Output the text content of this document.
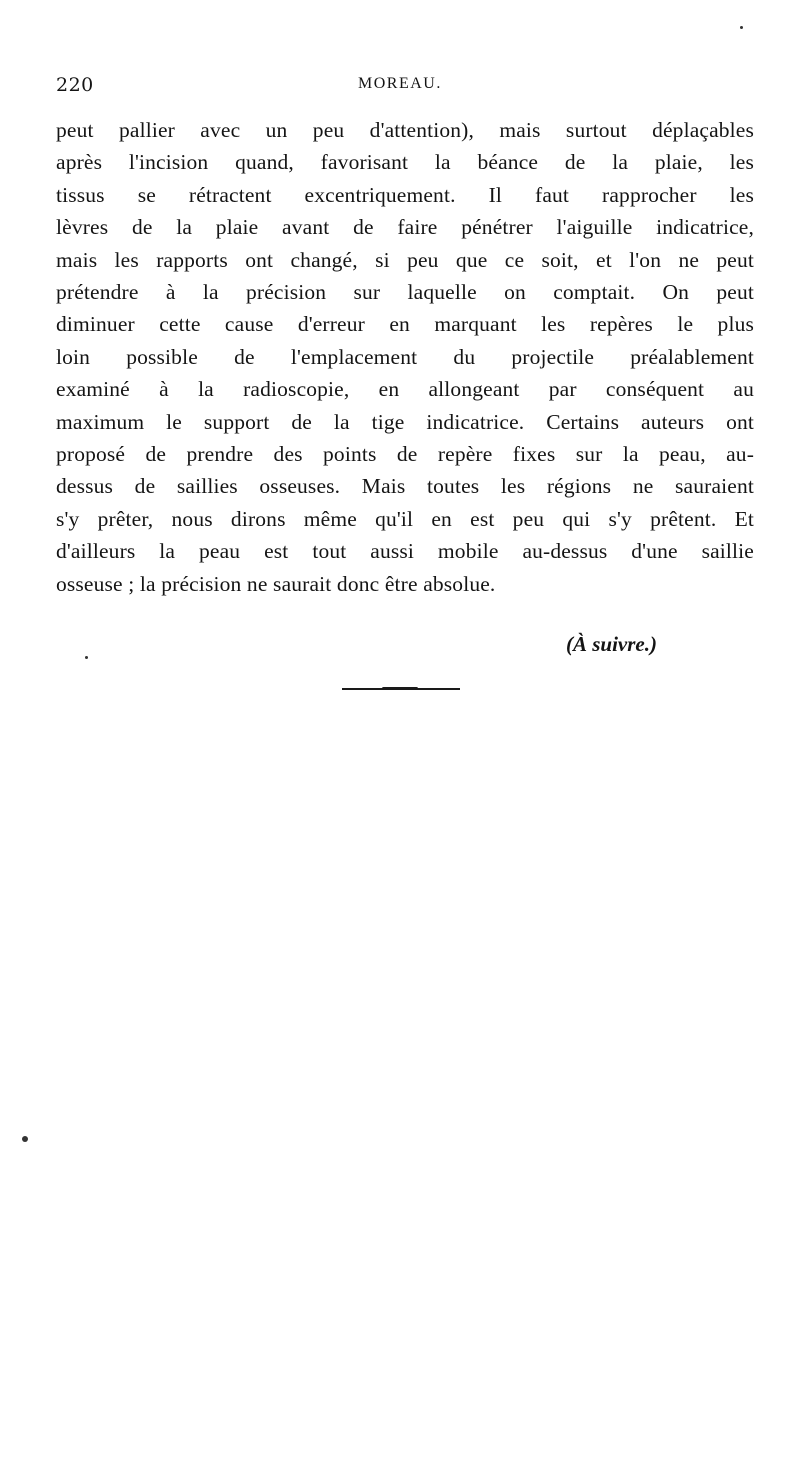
220	MOREAU.
peut pallier avec un peu d'attention), mais surtout déplaçables
après l'incision quand, favorisant la béance de la plaie, les
tissus se rétractent excentriquement. Il faut rapprocher les
lèvres de la plaie avant de faire pénétrer l'aiguille indicatrice,
mais les rapports ont changé, si peu que ce soit, et l'on ne peut
prétendre à la précision sur laquelle on comptait. On peut
diminuer cette cause d'erreur en marquant les repères le plus
loin possible de l'emplacement du projectile préalablement
examiné à la radioscopie, en allongeant par conséquent au
maximum le support de la tige indicatrice. Certains auteurs ont
proposé de prendre des points de repère fixes sur la peau, au-
dessus de saillies osseuses. Mais toutes les régions ne sauraient
s'y prêter, nous dirons même qu'il en est peu qui s'y prêtent. Et
d'ailleurs la peau est tout aussi mobile au-dessus d'une saillie
osseuse ; la précision ne saurait donc être absolue.
(À suivre.)
